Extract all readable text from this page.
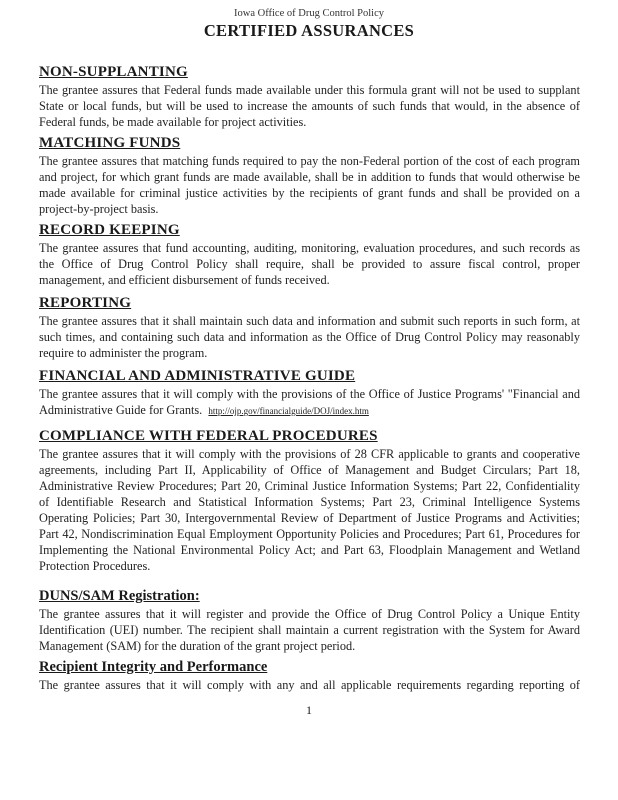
Iowa Office of Drug Control Policy
CERTIFIED ASSURANCES
NON-SUPPLANTING

The grantee assures that Federal funds made available under this formula grant will not be used to supplant State or local funds, but will be used to increase the amounts of such funds that would, in the absence of Federal funds, be made available for project activities.

MATCHING FUNDS

The grantee assures that matching funds required to pay the non-Federal portion of the cost of each program and project, for which grant funds are made available, shall be in addition to funds that would otherwise be made available for criminal justice activities by the recipients of grant funds and shall be provided on a project-by-project basis.

RECORD KEEPING

The grantee assures that fund accounting, auditing, monitoring, evaluation procedures, and such records as the Office of Drug Control Policy shall require, shall be provided to assure fiscal control, proper management, and efficient disbursement of funds received.

REPORTING

The grantee assures that it shall maintain such data and information and submit such reports in such form, at such times, and containing such data and information as the Office of Drug Control Policy may reasonably require to administer the program.

FINANCIAL AND ADMINISTRATIVE GUIDE

The grantee assures that it will comply with the provisions of the Office of Justice Programs' "Financial and Administrative Guide for Grants. http://ojp.gov/financialguide/DOJ/index.htm

COMPLIANCE WITH FEDERAL PROCEDURES

The grantee assures that it will comply with the provisions of 28 CFR applicable to grants and cooperative agreements, including Part II, Applicability of Office of Management and Budget Circulars; Part 18, Administrative Review Procedures; Part 20, Criminal Justice Information Systems; Part 22, Confidentiality of Identifiable Research and Statistical Information Systems; Part 23, Criminal Intelligence Systems Operating Policies; Part 30, Intergovernmental Review of Department of Justice Programs and Activities; Part 42, Nondiscrimination Equal Employment Opportunity Policies and Procedures; Part 61, Procedures for Implementing the National Environmental Policy Act; and Part 63, Floodplain Management and Wetland Protection Procedures.

DUNS/SAM Registration:

The grantee assures that it will register and provide the Office of Drug Control Policy a Unique Entity Identification (UEI) number. The recipient shall maintain a current registration with the System for Award Management (SAM) for the duration of the grant project period.

Recipient Integrity and Performance

The grantee assures that it will comply with any and all applicable requirements regarding reporting of

1
